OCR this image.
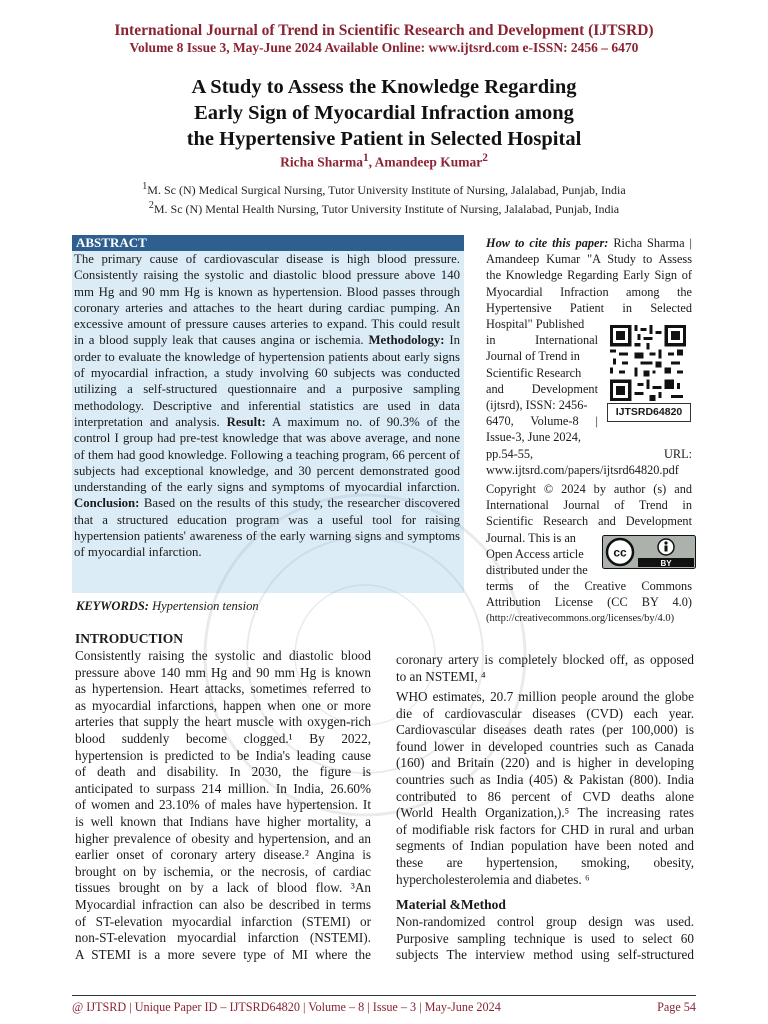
International Journal of Trend in Scientific Research and Development (IJTSRD)
Volume 8 Issue 3, May-June 2024 Available Online: www.ijtsrd.com e-ISSN: 2456 – 6470
A Study to Assess the Knowledge Regarding
Early Sign of Myocardial Infraction among
the Hypertensive Patient in Selected Hospital
Richa Sharma$^1$, Amandeep Kumar$^2$
$^1$M. Sc (N) Medical Surgical Nursing, Tutor University Institute of Nursing, Jalalabad, Punjab, India
$^2$M. Sc (N) Mental Health Nursing, Tutor University Institute of Nursing, Jalalabad, Punjab, India
ABSTRACT
The primary cause of cardiovascular disease is high blood pressure. Consistently raising the systolic and diastolic blood pressure above 140 mm Hg and 90 mm Hg is known as hypertension. Blood passes through coronary arteries and attaches to the heart during cardiac pumping. An excessive amount of pressure causes arteries to expand. This could result in a blood supply leak that causes angina or ischemia. Methodology: In order to evaluate the knowledge of hypertension patients about early signs of myocardial infraction, a study involving 60 subjects was conducted utilizing a self-structured questionnaire and a purposive sampling methodology. Descriptive and inferential statistics are used in data interpretation and analysis. Result: A maximum no. of 90.3% of the control I group had pre-test knowledge that was above average, and none of them had good knowledge. Following a teaching program, 66 percent of subjects had exceptional knowledge, and 30 percent demonstrated good understanding of the early signs and symptoms of myocardial infarction. Conclusion: Based on the results of this study, the researcher discovered that a structured education program was a useful tool for raising hypertension patients' awareness of the early warning signs and symptoms of myocardial infarction.
KEYWORDS: Hypertension tension
How to cite this paper: Richa Sharma |
Amandeep Kumar "A Study to Assess
the Knowledge Regarding Early Sign of
Myocardial Infraction among the
Hypertensive Patient in Selected
Hospital" Published
in International
Journal of Trend in
Scientific Research
and Development
(ijtsrd), ISSN: 2456-
6470, Volume-8 |
Issue-3, June 2024,
pp.54-55, URL:
www.ijtsrd.com/papers/ijtsrd64820.pdf
IJTSRD64820
Copyright © 2024 by author (s) and
International Journal of Trend in
Scientific Research and Development
Journal. This is an
Open Access article
distributed under the
terms of the Creative Commons
Attribution License (CC BY 4.0)
(http://creativecommons.org/licenses/by/4.0)
cc
BY
INTRODUCTION
Consistently raising the systolic and diastolic blood
pressure above 140 mm Hg and 90 mm Hg is known
as hypertension. Heart attacks, sometimes referred to
as myocardial infarctions, happen when one or more
arteries that supply the heart muscle with oxygen-rich
blood suddenly become clogged.¹ By 2022,
hypertension is predicted to be India's leading cause
of death and disability. In 2030, the figure is
anticipated to surpass 214 million. In India, 26.60%
of women and 23.10% of males have hypertension. It
is well known that Indians have higher mortality, a
higher prevalence of obesity and hypertension, and an
earlier onset of coronary artery disease.² Angina is
brought on by ischemia, or the necrosis, of cardiac
tissues brought on by a lack of blood flow. ³An
Myocardial infraction can also be described in terms
of ST-elevation myocardial infarction (STEMI) or
non-ST-elevation myocardial infarction (NSTEMI).
A STEMI is a more severe type of MI where the
coronary artery is completely blocked off, as opposed
to an NSTEMI, ⁴
WHO estimates, 20.7 million people around the globe
die of cardiovascular diseases (CVD) each year.
Cardiovascular diseases death rates (per 100,000) is
found lower in developed countries such as Canada
(160) and Britain (220) and is higher in developing
countries such as India (405) & Pakistan (800). India
contributed to 86 percent of CVD deaths alone
(World Health Organization,).⁵ The increasing rates
of modifiable risk factors for CHD in rural and urban
segments of Indian population have been noted and
these are hypertension, smoking, obesity,
hypercholesterolemia and diabetes. ⁶
Material &Method
Non-randomized control group design was used.
Purposive sampling technique is used to select 60
subjects The interview method using self-structured
@ IJTSRD | Unique Paper ID – IJTSRD64820 | Volume – 8 | Issue – 3 | May-June 2024	Page 54
